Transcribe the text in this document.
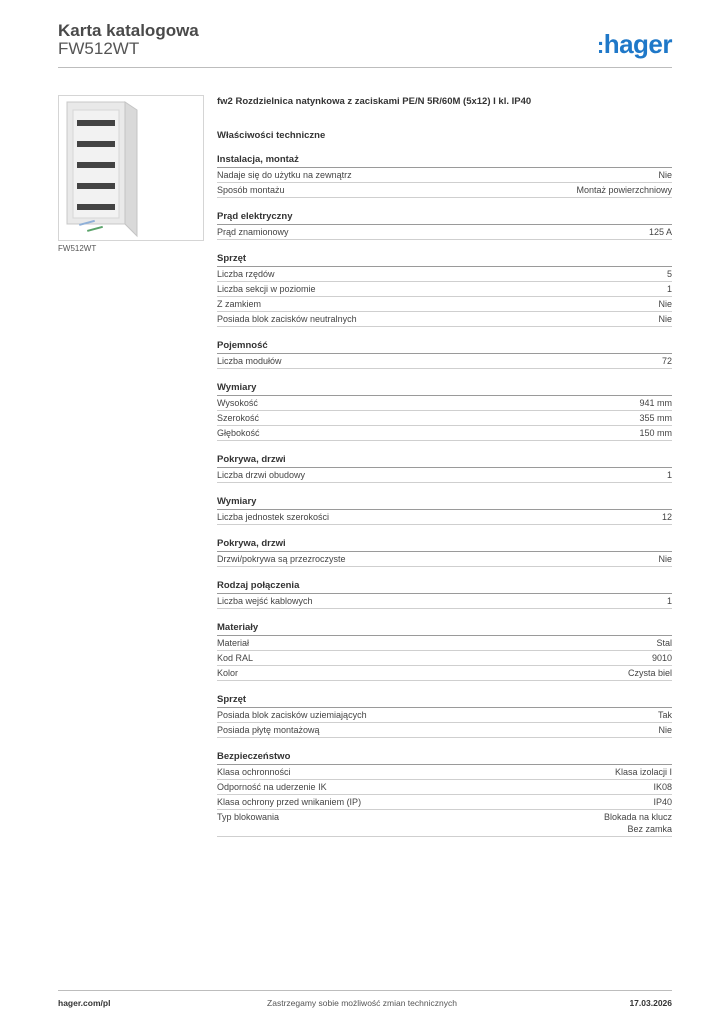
Karta katalogowa
FW512WT	:hager
FW512WT
fw2 Rozdzielnica natynkowa z zaciskami PE/N 5R/60M (5x12) I kl. IP40
Właściwości techniczne
Instalacja, montaż
Nadaje się do użytku na zewnątrz	Nie
Sposób montażu	Montaż powierzchniowy
Prąd elektryczny
Prąd znamionowy	125 A
Sprzęt
Liczba rzędów	5
Liczba sekcji w poziomie	1
Z zamkiem	Nie
Posiada blok zacisków neutralnych	Nie
Pojemność
Liczba modułów	72
Wymiary
Wysokość	941 mm
Szerokość	355 mm
Głębokość	150 mm
Pokrywa, drzwi
Liczba drzwi obudowy	1
Wymiary
Liczba jednostek szerokości	12
Pokrywa, drzwi
Drzwi/pokrywa są przezroczyste	Nie
Rodzaj połączenia
Liczba wejść kablowych	1
Materiały
Materiał	Stal
Kod RAL	9010
Kolor	Czysta biel
Sprzęt
Posiada blok zacisków uziemiających	Tak
Posiada płytę montażową	Nie
Bezpieczeństwo
Klasa ochronności	Klasa izolacji I
Odporność na uderzenie IK	IK08
Klasa ochrony przed wnikaniem (IP)	IP40
Typ blokowania	Blokada na klucz
Bez zamka
hager.com/pl	Zastrzegamy sobie możliwość zmian technicznych	17.03.2026
